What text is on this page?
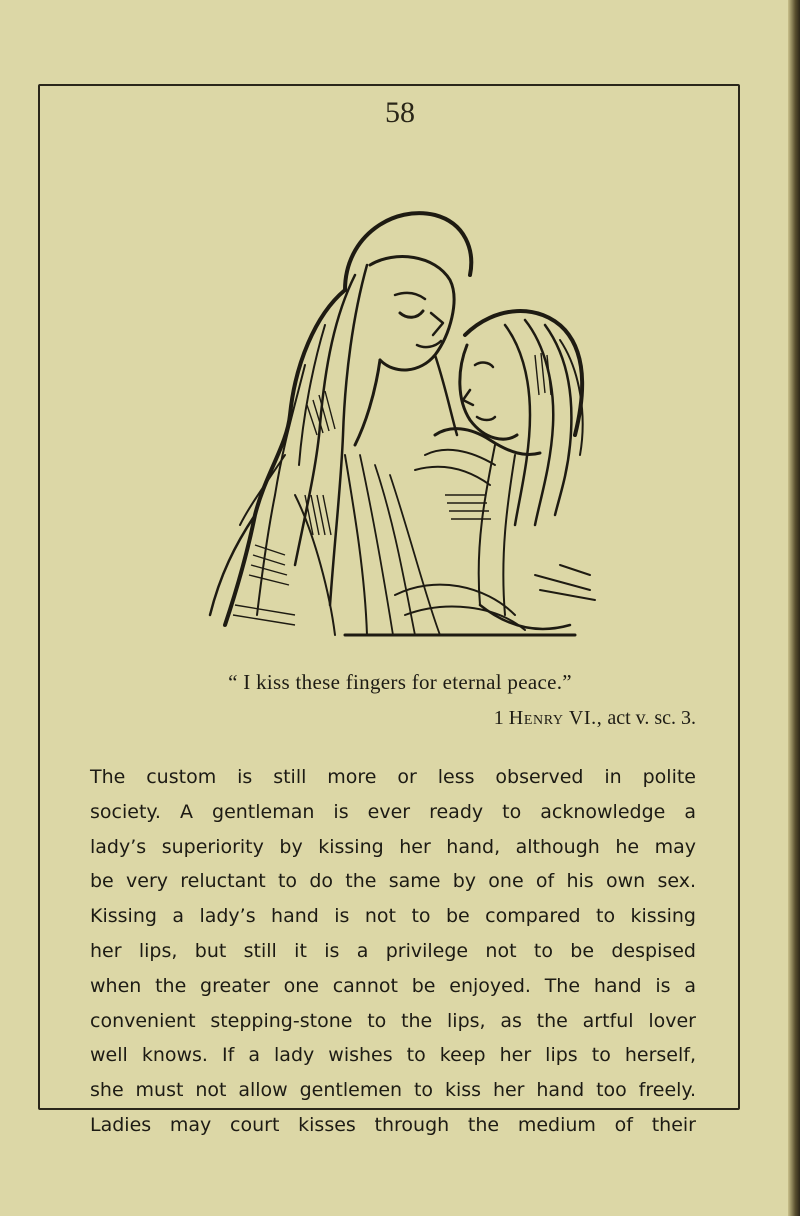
58
“ I kiss these fingers for eternal peace.”
1 Henry VI., act v. sc. 3.
The custom is still more or less observed in polite
society. A gentleman is ever ready to acknowledge a
lady’s superiority by kissing her hand, although he may
be very reluctant to do the same by one of his own sex.
Kissing a lady’s hand is not to be compared to kissing
her lips, but still it is a privilege not to be despised
when the greater one cannot be enjoyed. The hand is a
convenient stepping-stone to the lips, as the artful lover
well knows. If a lady wishes to keep her lips to herself,
she must not allow gentlemen to kiss her hand too freely.
Ladies may court kisses through the medium of their
